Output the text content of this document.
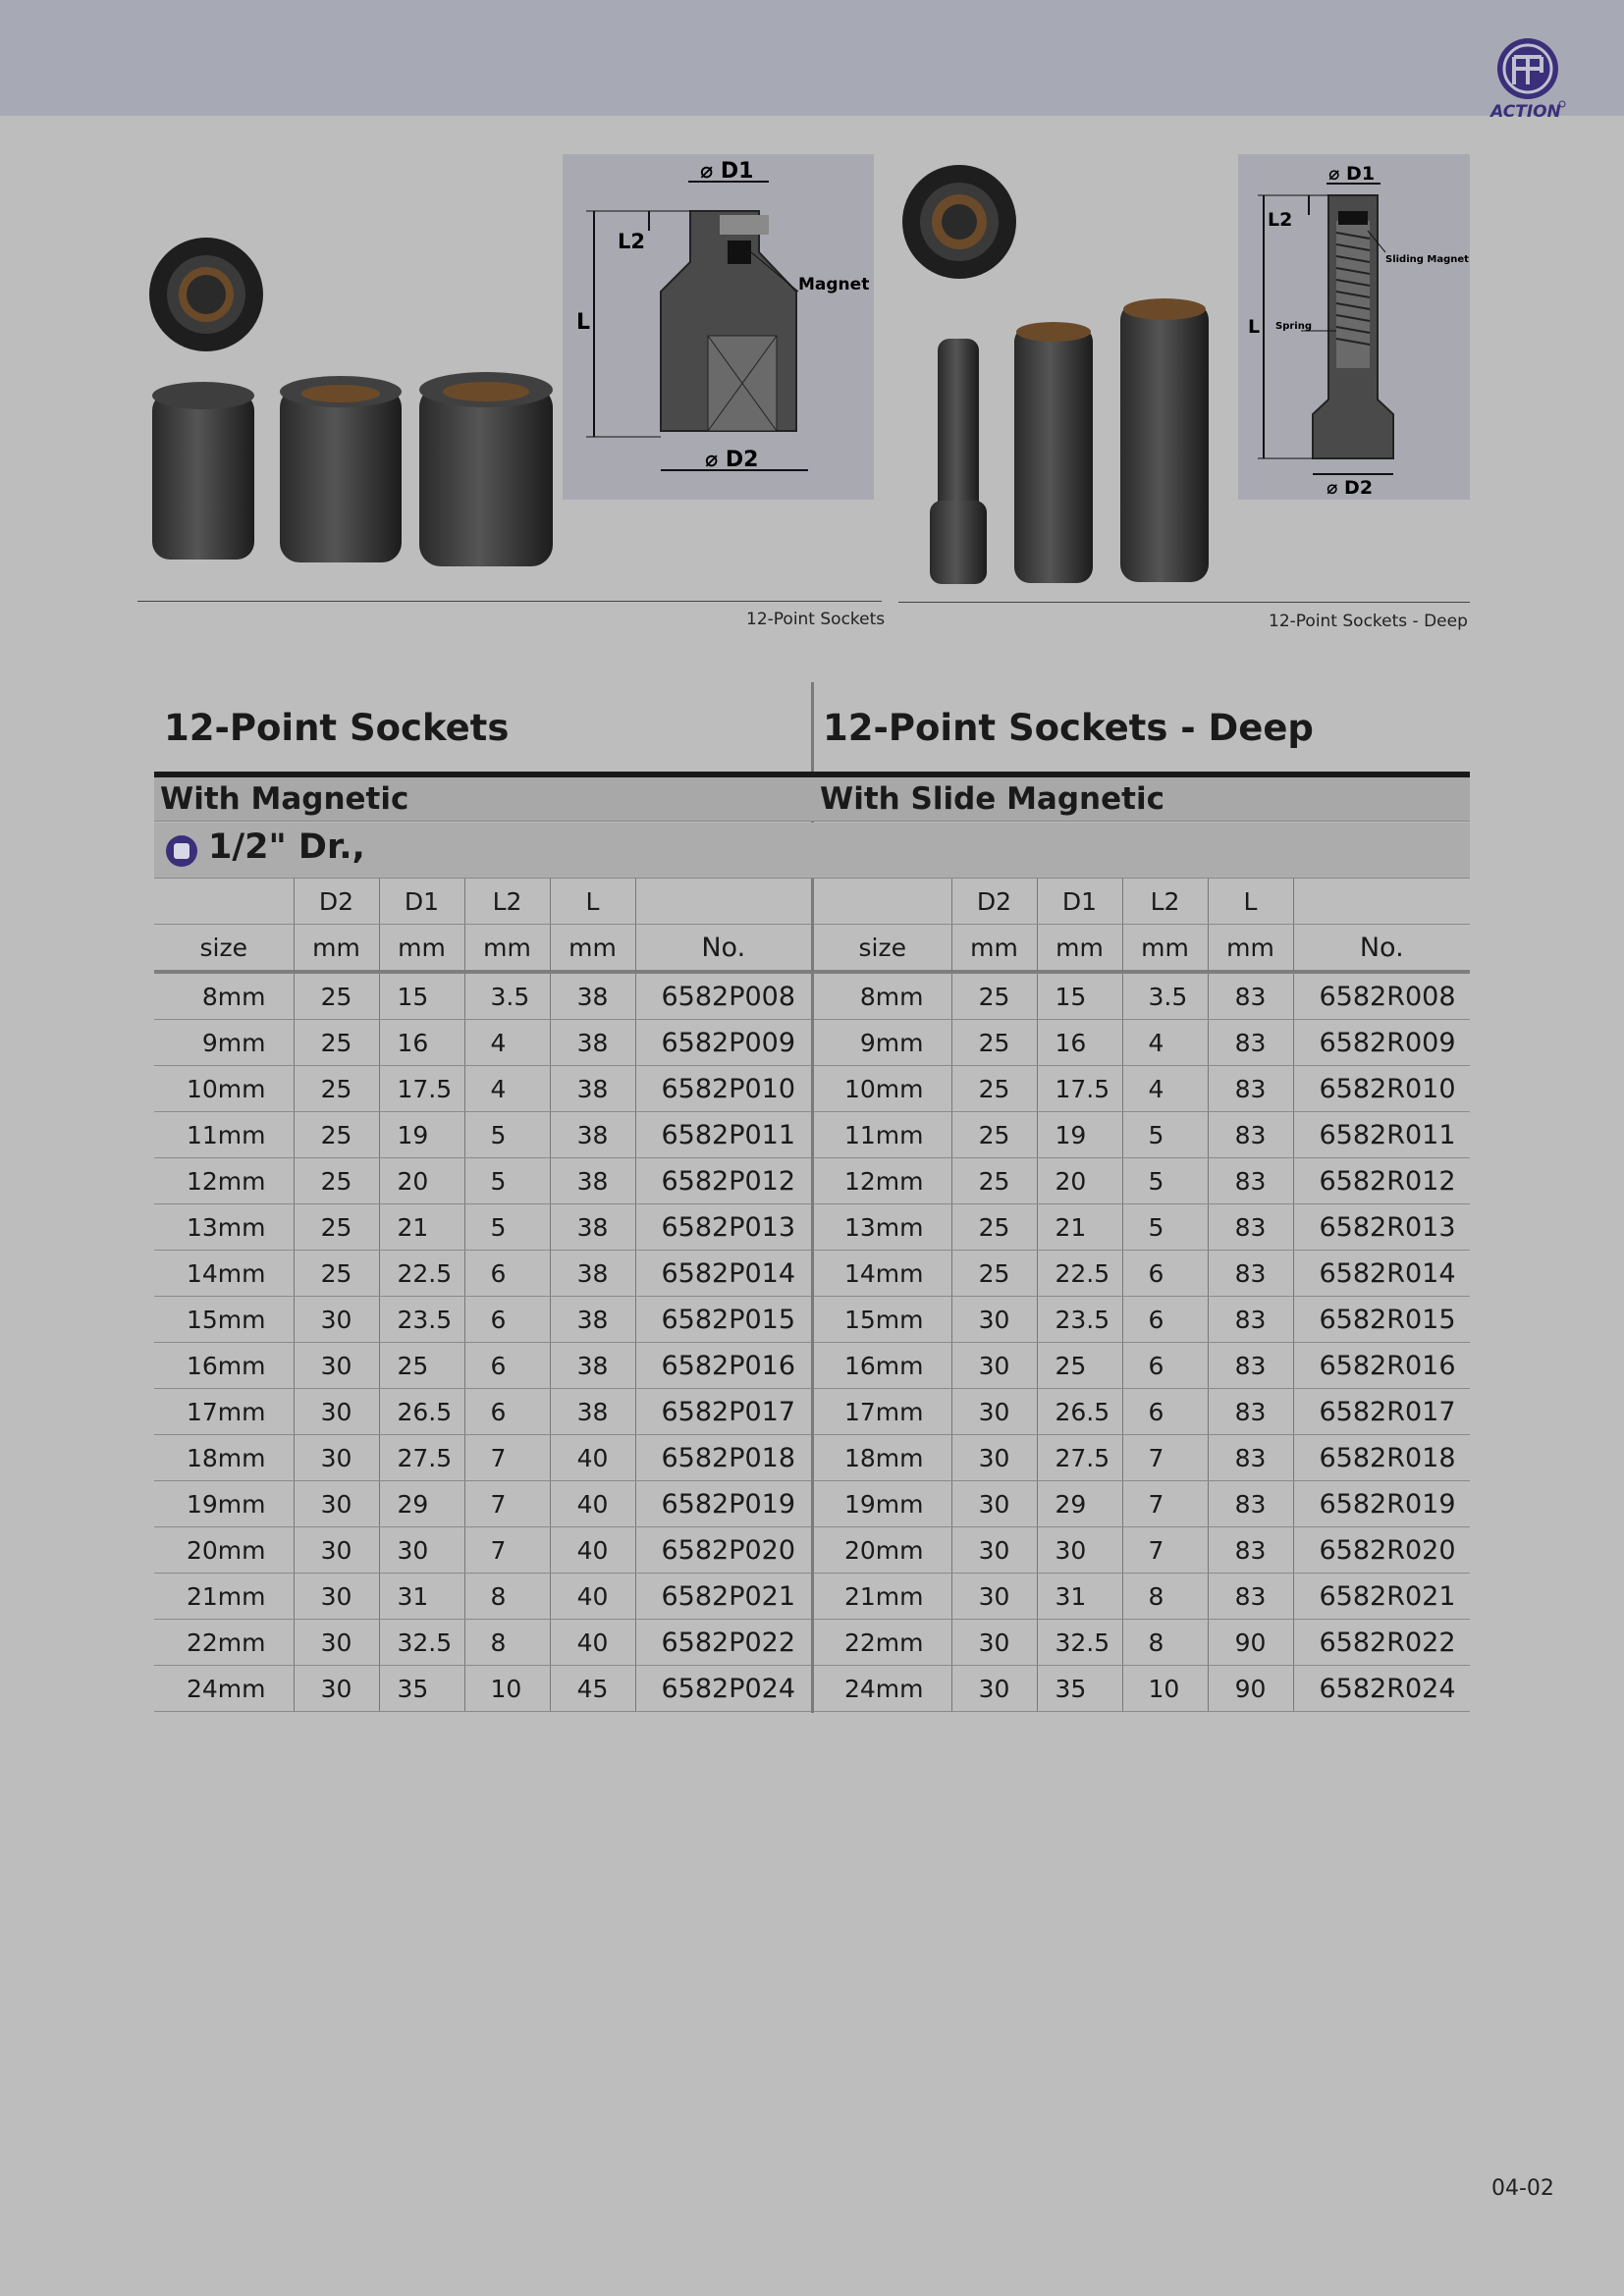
ACTION
⌀ D1
⌀ D2
L
L2
Magnet
12-Point Sockets
⌀ D1
⌀ D2
L
L2
Sliding Magnet
Spring
12-Point Sockets - Deep
12-Point Sockets	12-Point Sockets - Deep
With Magnetic	With Slide Magnetic
1/2" Dr.,
	D2	D1	L2	L	
size	mm	mm	mm	mm	No.
8mm	25	15	3.5	38	6582P008
9mm	25	16	4	38	6582P009
10mm	25	17.5	4	38	6582P010
11mm	25	19	5	38	6582P011
12mm	25	20	5	38	6582P012
13mm	25	21	5	38	6582P013
14mm	25	22.5	6	38	6582P014
15mm	30	23.5	6	38	6582P015
16mm	30	25	6	38	6582P016
17mm	30	26.5	6	38	6582P017
18mm	30	27.5	7	40	6582P018
19mm	30	29	7	40	6582P019
20mm	30	30	7	40	6582P020
21mm	30	31	8	40	6582P021
22mm	30	32.5	8	40	6582P022
24mm	30	35	10	45	6582P024
	D2	D1	L2	L	
size	mm	mm	mm	mm	No.
8mm	25	15	3.5	83	6582R008
9mm	25	16	4	83	6582R009
10mm	25	17.5	4	83	6582R010
11mm	25	19	5	83	6582R011
12mm	25	20	5	83	6582R012
13mm	25	21	5	83	6582R013
14mm	25	22.5	6	83	6582R014
15mm	30	23.5	6	83	6582R015
16mm	30	25	6	83	6582R016
17mm	30	26.5	6	83	6582R017
18mm	30	27.5	7	83	6582R018
19mm	30	29	7	83	6582R019
20mm	30	30	7	83	6582R020
21mm	30	31	8	83	6582R021
22mm	30	32.5	8	90	6582R022
24mm	30	35	10	90	6582R024
04-02
